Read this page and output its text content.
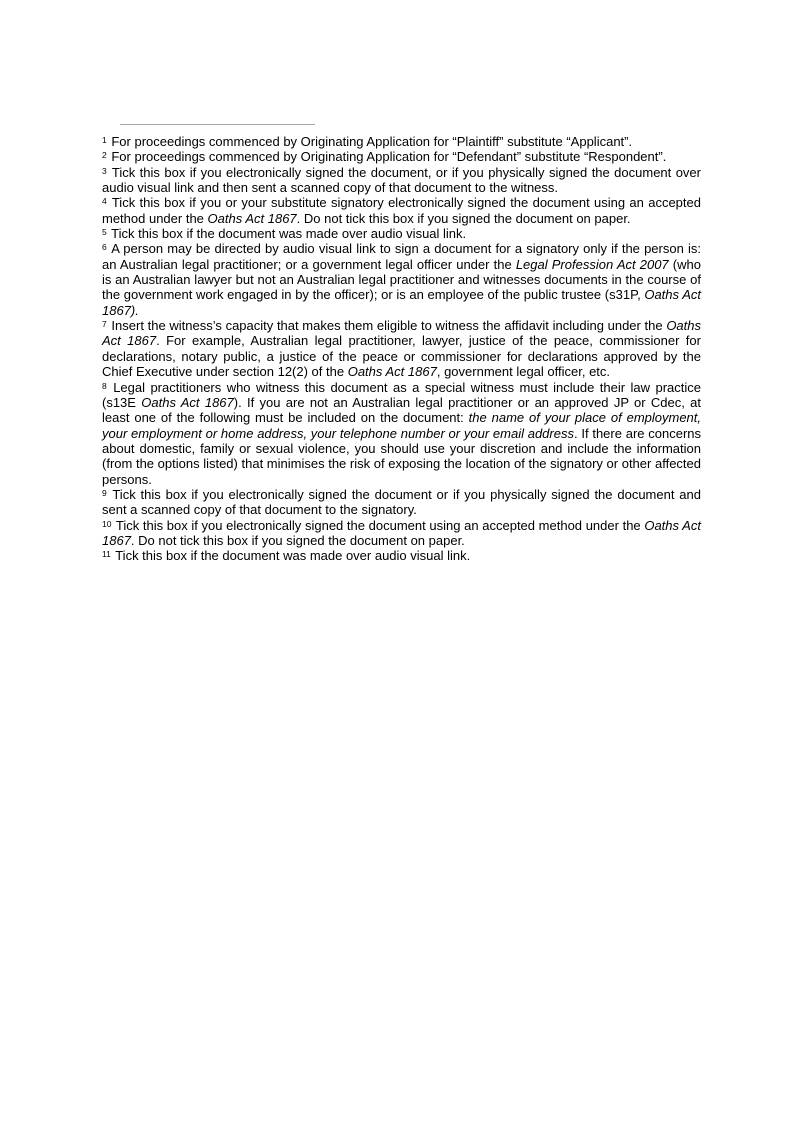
$^1$ For proceedings commenced by Originating Application for “Plaintiff” substitute “Applicant”.

$^2$ For proceedings commenced by Originating Application for “Defendant” substitute “Respondent”.

$^3$ Tick this box if you electronically signed the document, or if you physically signed the document over audio visual link and then sent a scanned copy of that document to the witness.

$^4$ Tick this box if you or your substitute signatory electronically signed the document using an accepted method under the Oaths Act 1867. Do not tick this box if you signed the document on paper.

$^5$ Tick this box if the document was made over audio visual link.

$^6$ A person may be directed by audio visual link to sign a document for a signatory only if the person is: an Australian legal practitioner; or a government legal officer under the Legal Profession Act 2007 (who is an Australian lawyer but not an Australian legal practitioner and witnesses documents in the course of the government work engaged in by the officer); or is an employee of the public trustee (s31P, Oaths Act 1867).

$^7$ Insert the witness’s capacity that makes them eligible to witness the affidavit including under the Oaths Act 1867. For example, Australian legal practitioner, lawyer, justice of the peace, commissioner for declarations, notary public, a justice of the peace or commissioner for declarations approved by the Chief Executive under section 12(2) of the Oaths Act 1867, government legal officer, etc.

$^8$ Legal practitioners who witness this document as a special witness must include their law practice (s13E Oaths Act 1867). If you are not an Australian legal practitioner or an approved JP or Cdec, at least one of the following must be included on the document: the name of your place of employment, your employment or home address, your telephone number or your email address. If there are concerns about domestic, family or sexual violence, you should use your discretion and include the information (from the options listed) that minimises the risk of exposing the location of the signatory or other affected persons.

$^9$ Tick this box if you electronically signed the document or if you physically signed the document and sent a scanned copy of that document to the signatory.

$^{10}$ Tick this box if you electronically signed the document using an accepted method under the Oaths Act 1867. Do not tick this box if you signed the document on paper.

$^{11}$ Tick this box if the document was made over audio visual link.
